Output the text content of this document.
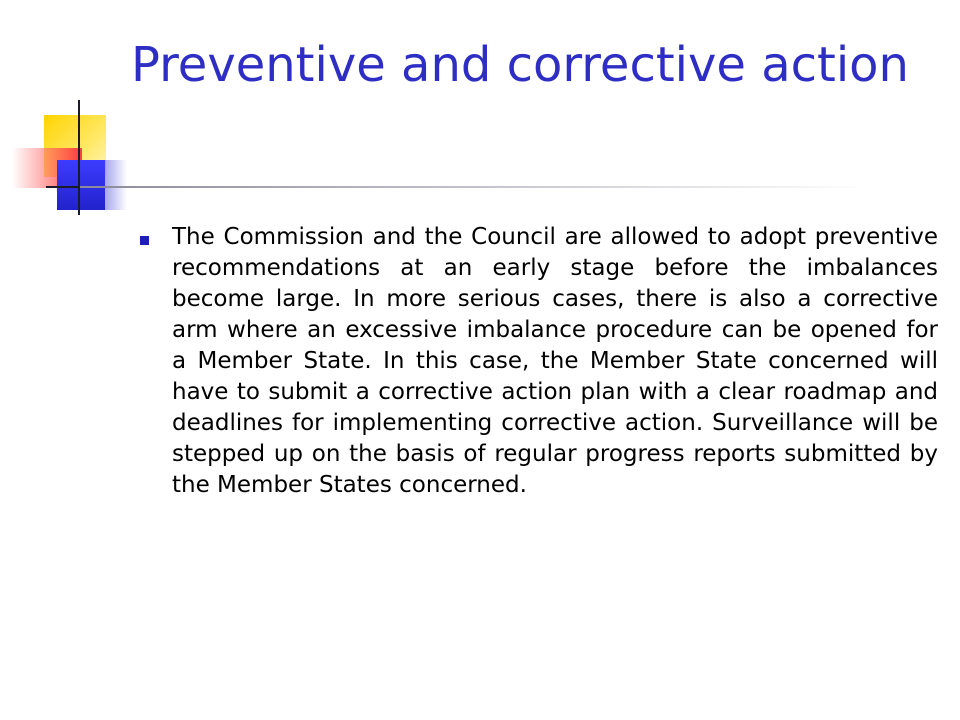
Preventive and corrective action
The Commission and the Council are allowed to adopt preventive recommendations at an early stage before the imbalances become large. In more serious cases, there is also a corrective arm where an excessive imbalance procedure can be opened for a Member State. In this case, the Member State concerned will have to submit a corrective action plan with a clear roadmap and deadlines for implementing corrective action. Surveillance will be stepped up on the basis of regular progress reports submitted by the Member States concerned.
